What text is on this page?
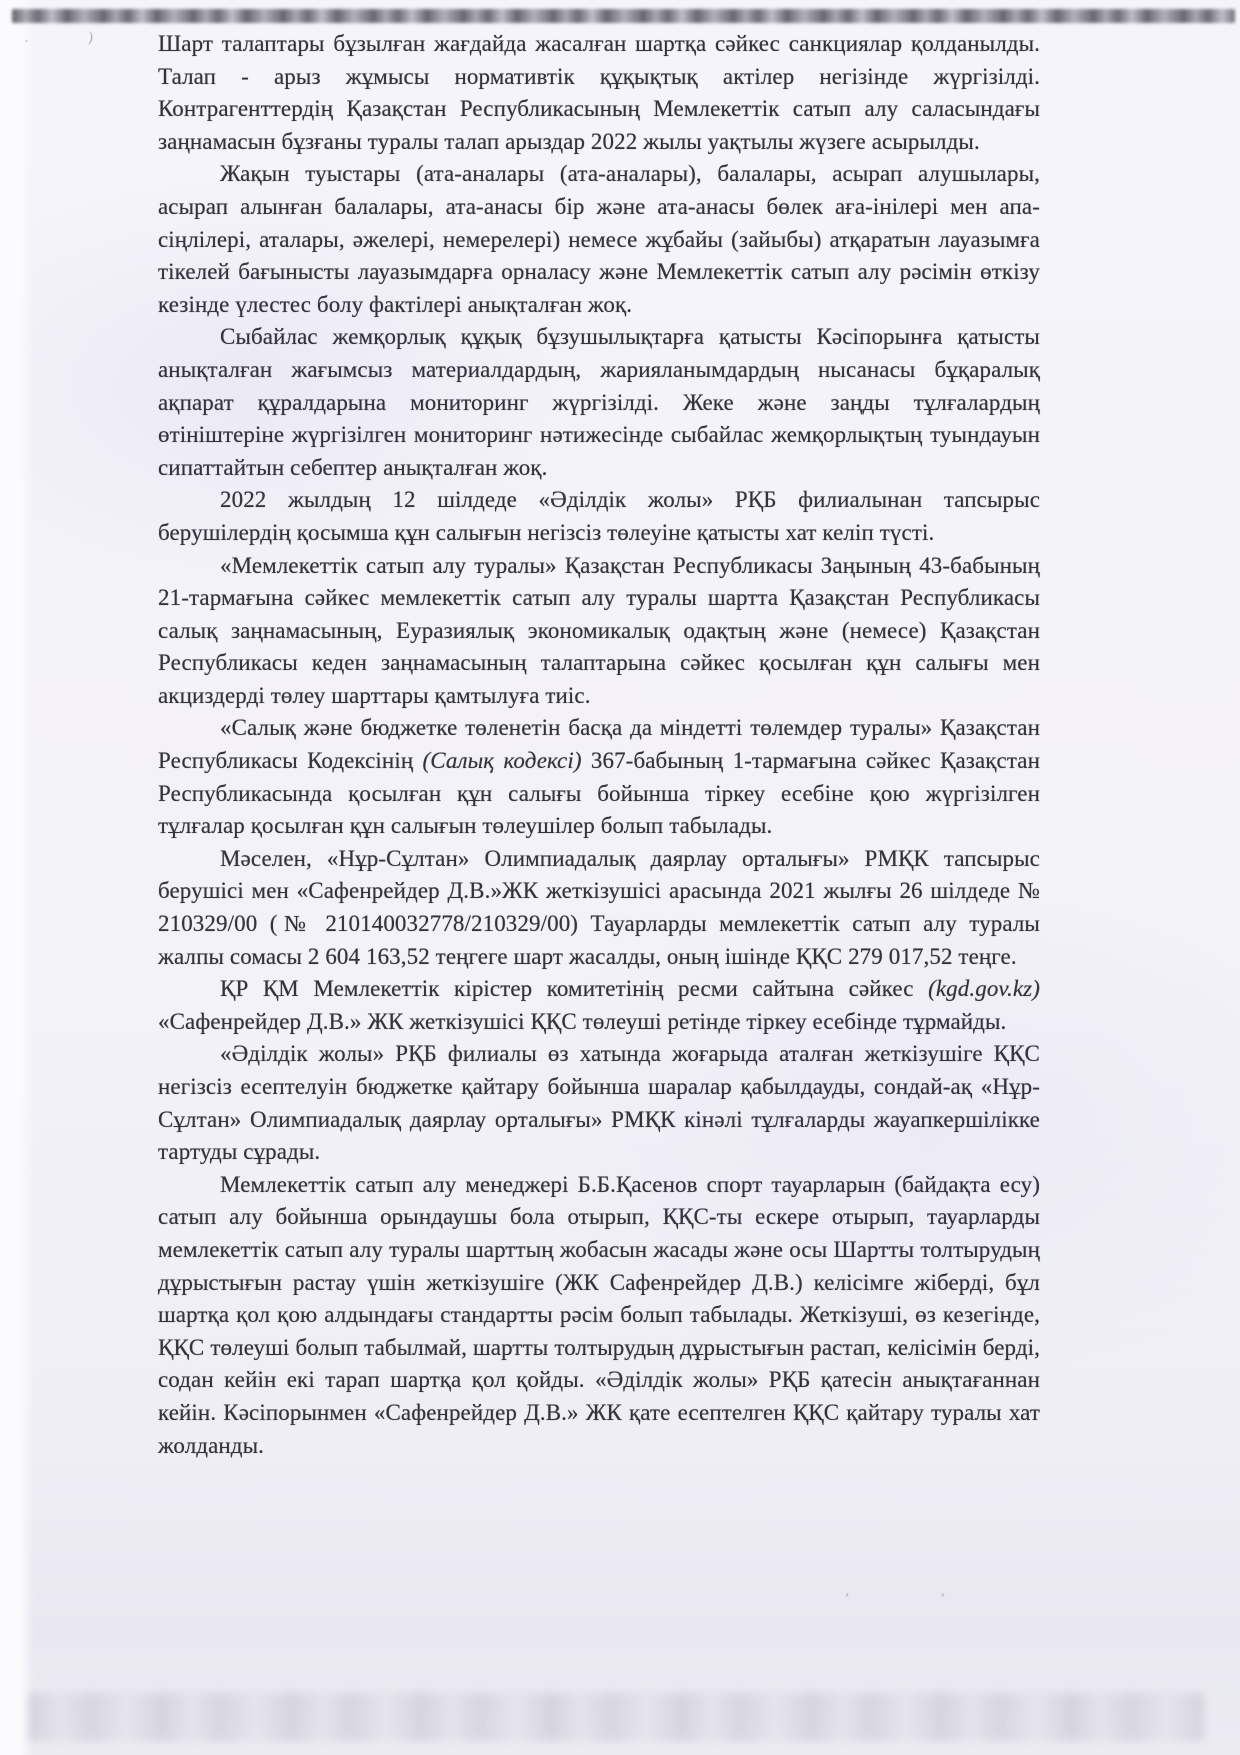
·	)	Шарт талаптары бұзылған жағдайда жасалған шартқа сәйкес санкциялар қолданылды. Талап - арыз жұмысы нормативтік құқықтық актілер негізінде жүргізілді. Контрагенттердің Қазақстан Республикасының Мемлекеттік сатып алу саласындағы заңнамасын бұзғаны туралы талап арыздар 2022 жылы уақтылы жүзеге асырылды.

Жақын туыстары (ата-аналары (ата-аналары), балалары, асырап алушылары, асырап алынған балалары, ата-анасы бір және ата-анасы бөлек аға-інілері мен апа-сіңлілері, аталары, әжелері, немерелері) немесе жұбайы (зайыбы) атқаратын лауазымға тікелей бағынысты лауазымдарға орналасу және Мемлекеттік сатып алу рәсімін өткізу кезінде үлестес болу фактілері анықталған жоқ.

Сыбайлас жемқорлық құқық бұзушылықтарға қатысты Кәсіпорынға қатысты анықталған жағымсыз материалдардың, жарияланымдардың нысанасы бұқаралық ақпарат құралдарына мониторинг жүргізілді. Жеке және заңды тұлғалардың өтініштеріне жүргізілген мониторинг нәтижесінде сыбайлас жемқорлықтың туындауын сипаттайтын себептер анықталған жоқ.

2022 жылдың 12 шілдеде «Әділдік жолы» РҚБ филиалынан тапсырыс берушілердің қосымша құн салығын негізсіз төлеуіне қатысты хат келіп түсті.

«Мемлекеттік сатып алу туралы» Қазақстан Республикасы Заңының 43-бабының 21-тармағына сәйкес мемлекеттік сатып алу туралы шартта Қазақстан Республикасы салық заңнамасының, Еуразиялық экономикалық одақтың және (немесе) Қазақстан Республикасы кеден заңнамасының талаптарына сәйкес қосылған құн салығы мен акциздерді төлеу шарттары қамтылуға тиіс.

«Салық және бюджетке төленетін басқа да міндетті төлемдер туралы» Қазақстан Республикасы Кодексінің (Салық кодексі) 367-бабының 1-тармағына сәйкес Қазақстан Республикасында қосылған құн салығы бойынша тіркеу есебіне қою жүргізілген тұлғалар қосылған құн салығын төлеушілер болып табылады.

Мәселен, «Нұр-Сұлтан» Олимпиадалық даярлау орталығы» РМҚК тапсырыс берушісі мен «Сафенрейдер Д.В.»ЖК жеткізушісі арасында 2021 жылғы 26 шілдеде № 210329/00 (№ 210140032778/210329/00) Тауарларды мемлекеттік сатып алу туралы жалпы сомасы 2 604 163,52 теңгеге шарт жасалды, оның ішінде ҚҚС 279 017,52 теңге.

ҚР ҚМ Мемлекеттік кірістер комитетінің ресми сайтына сәйкес (kgd.gov.kz) «Сафенрейдер Д.В.» ЖК жеткізушісі ҚҚС төлеуші ретінде тіркеу есебінде тұрмайды.

«Әділдік жолы» РҚБ филиалы өз хатында жоғарыда аталған жеткізушіге ҚҚС негізсіз есептелуін бюджетке қайтару бойынша шаралар қабылдауды, сондай-ақ «Нұр-Сұлтан» Олимпиадалық даярлау орталығы» РМҚК кінәлі тұлғаларды жауапкершілікке тартуды сұрады.

Мемлекеттік сатып алу менеджері Б.Б.Қасенов спорт тауарларын (байдақта есу) сатып алу бойынша орындаушы бола отырып, ҚҚС-ты ескере отырып, тауарларды мемлекеттік сатып алу туралы шарттың жобасын жасады және осы Шартты толтырудың дұрыстығын растау үшін жеткізушіге (ЖК Сафенрейдер Д.В.) келісімге жіберді, бұл шартқа қол қою алдындағы стандартты рәсім болып табылады. Жеткізуші, өз кезегінде, ҚҚС төлеуші болып табылмай, шартты толтырудың дұрыстығын растап, келісімін берді, содан кейін екі тарап шартқа қол қойды. «Әділдік жолы» РҚБ қатесін анықтағаннан кейін. Кәсіпорынмен «Сафенрейдер Д.В.» ЖК қате есептелген ҚҚС қайтару туралы хат жолданды.

ʼ ʼ
